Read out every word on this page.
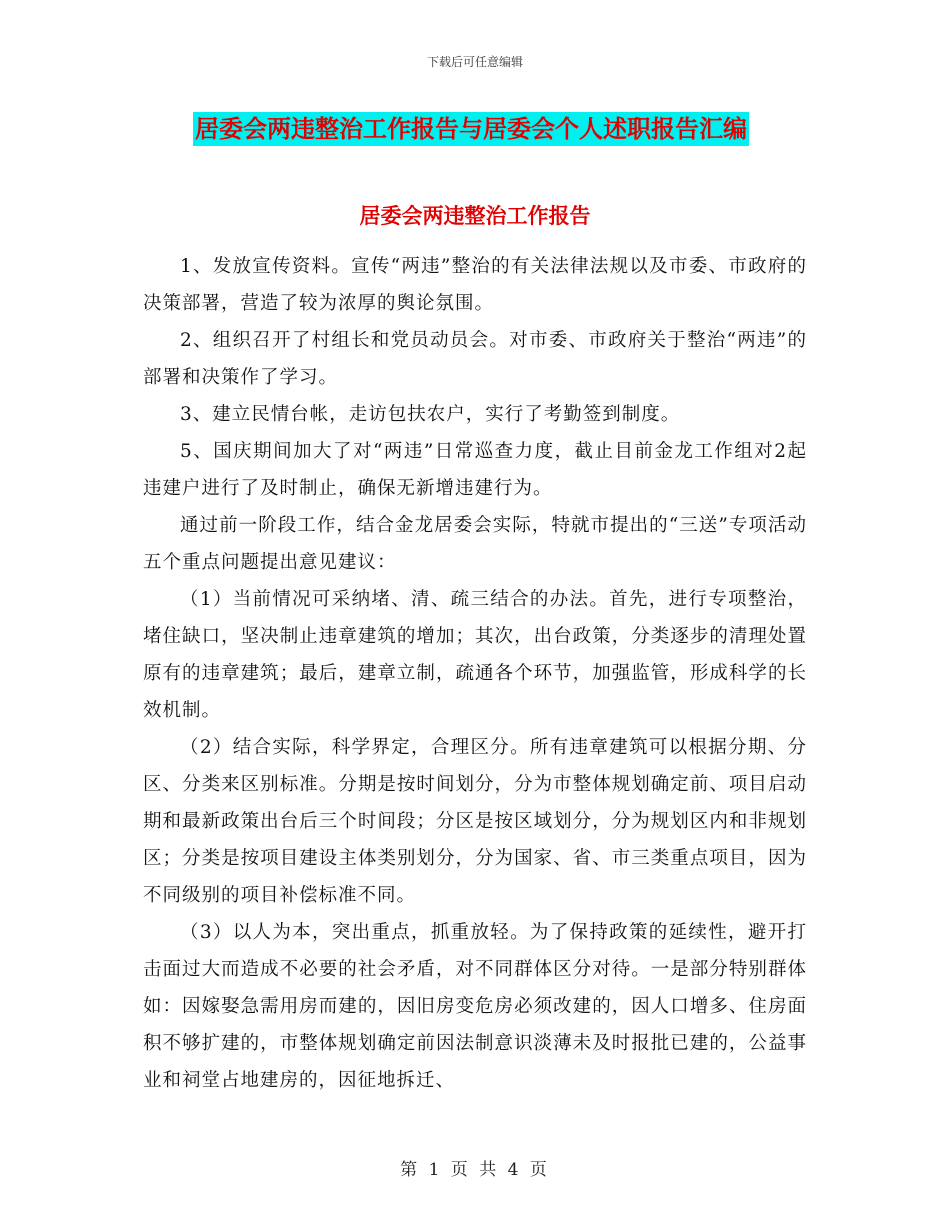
下载后可任意编辑
居委会两违整治工作报告与居委会个人述职报告汇编
居委会两违整治工作报告

1、发放宣传资料。宣传“两违”整治的有关法律法规以及市委、市政府的决策部署，营造了较为浓厚的舆论氛围。

2、组织召开了村组长和党员动员会。对市委、市政府关于整治“两违”的部署和决策作了学习。

3、建立民情台帐，走访包扶农户，实行了考勤签到制度。

5、国庆期间加大了对“两违”日常巡查力度，截止目前金龙工作组对2起违建户进行了及时制止，确保无新增违建行为。

通过前一阶段工作，结合金龙居委会实际，特就市提出的“三送”专项活动五个重点问题提出意见建议：

（1）当前情况可采纳堵、清、疏三结合的办法。首先，进行专项整治，堵住缺口，坚决制止违章建筑的增加；其次，出台政策，分类逐步的清理处置原有的违章建筑；最后，建章立制，疏通各个环节，加强监管，形成科学的长效机制。

（2）结合实际，科学界定，合理区分。所有违章建筑可以根据分期、分区、分类来区别标准。分期是按时间划分，分为市整体规划确定前、项目启动期和最新政策出台后三个时间段；分区是按区域划分，分为规划区内和非规划区；分类是按项目建设主体类别划分，分为国家、省、市三类重点项目，因为不同级别的项目补偿标准不同。

（3）以人为本，突出重点，抓重放轻。为了保持政策的延续性，避开打击面过大而造成不必要的社会矛盾，对不同群体区分对待。一是部分特别群体如：因嫁娶急需用房而建的，因旧房变危房必须改建的，因人口增多、住房面积不够扩建的，市整体规划确定前因法制意识淡薄未及时报批已建的，公益事业和祠堂占地建房的，因征地拆迁、

第 1 页 共 4 页
